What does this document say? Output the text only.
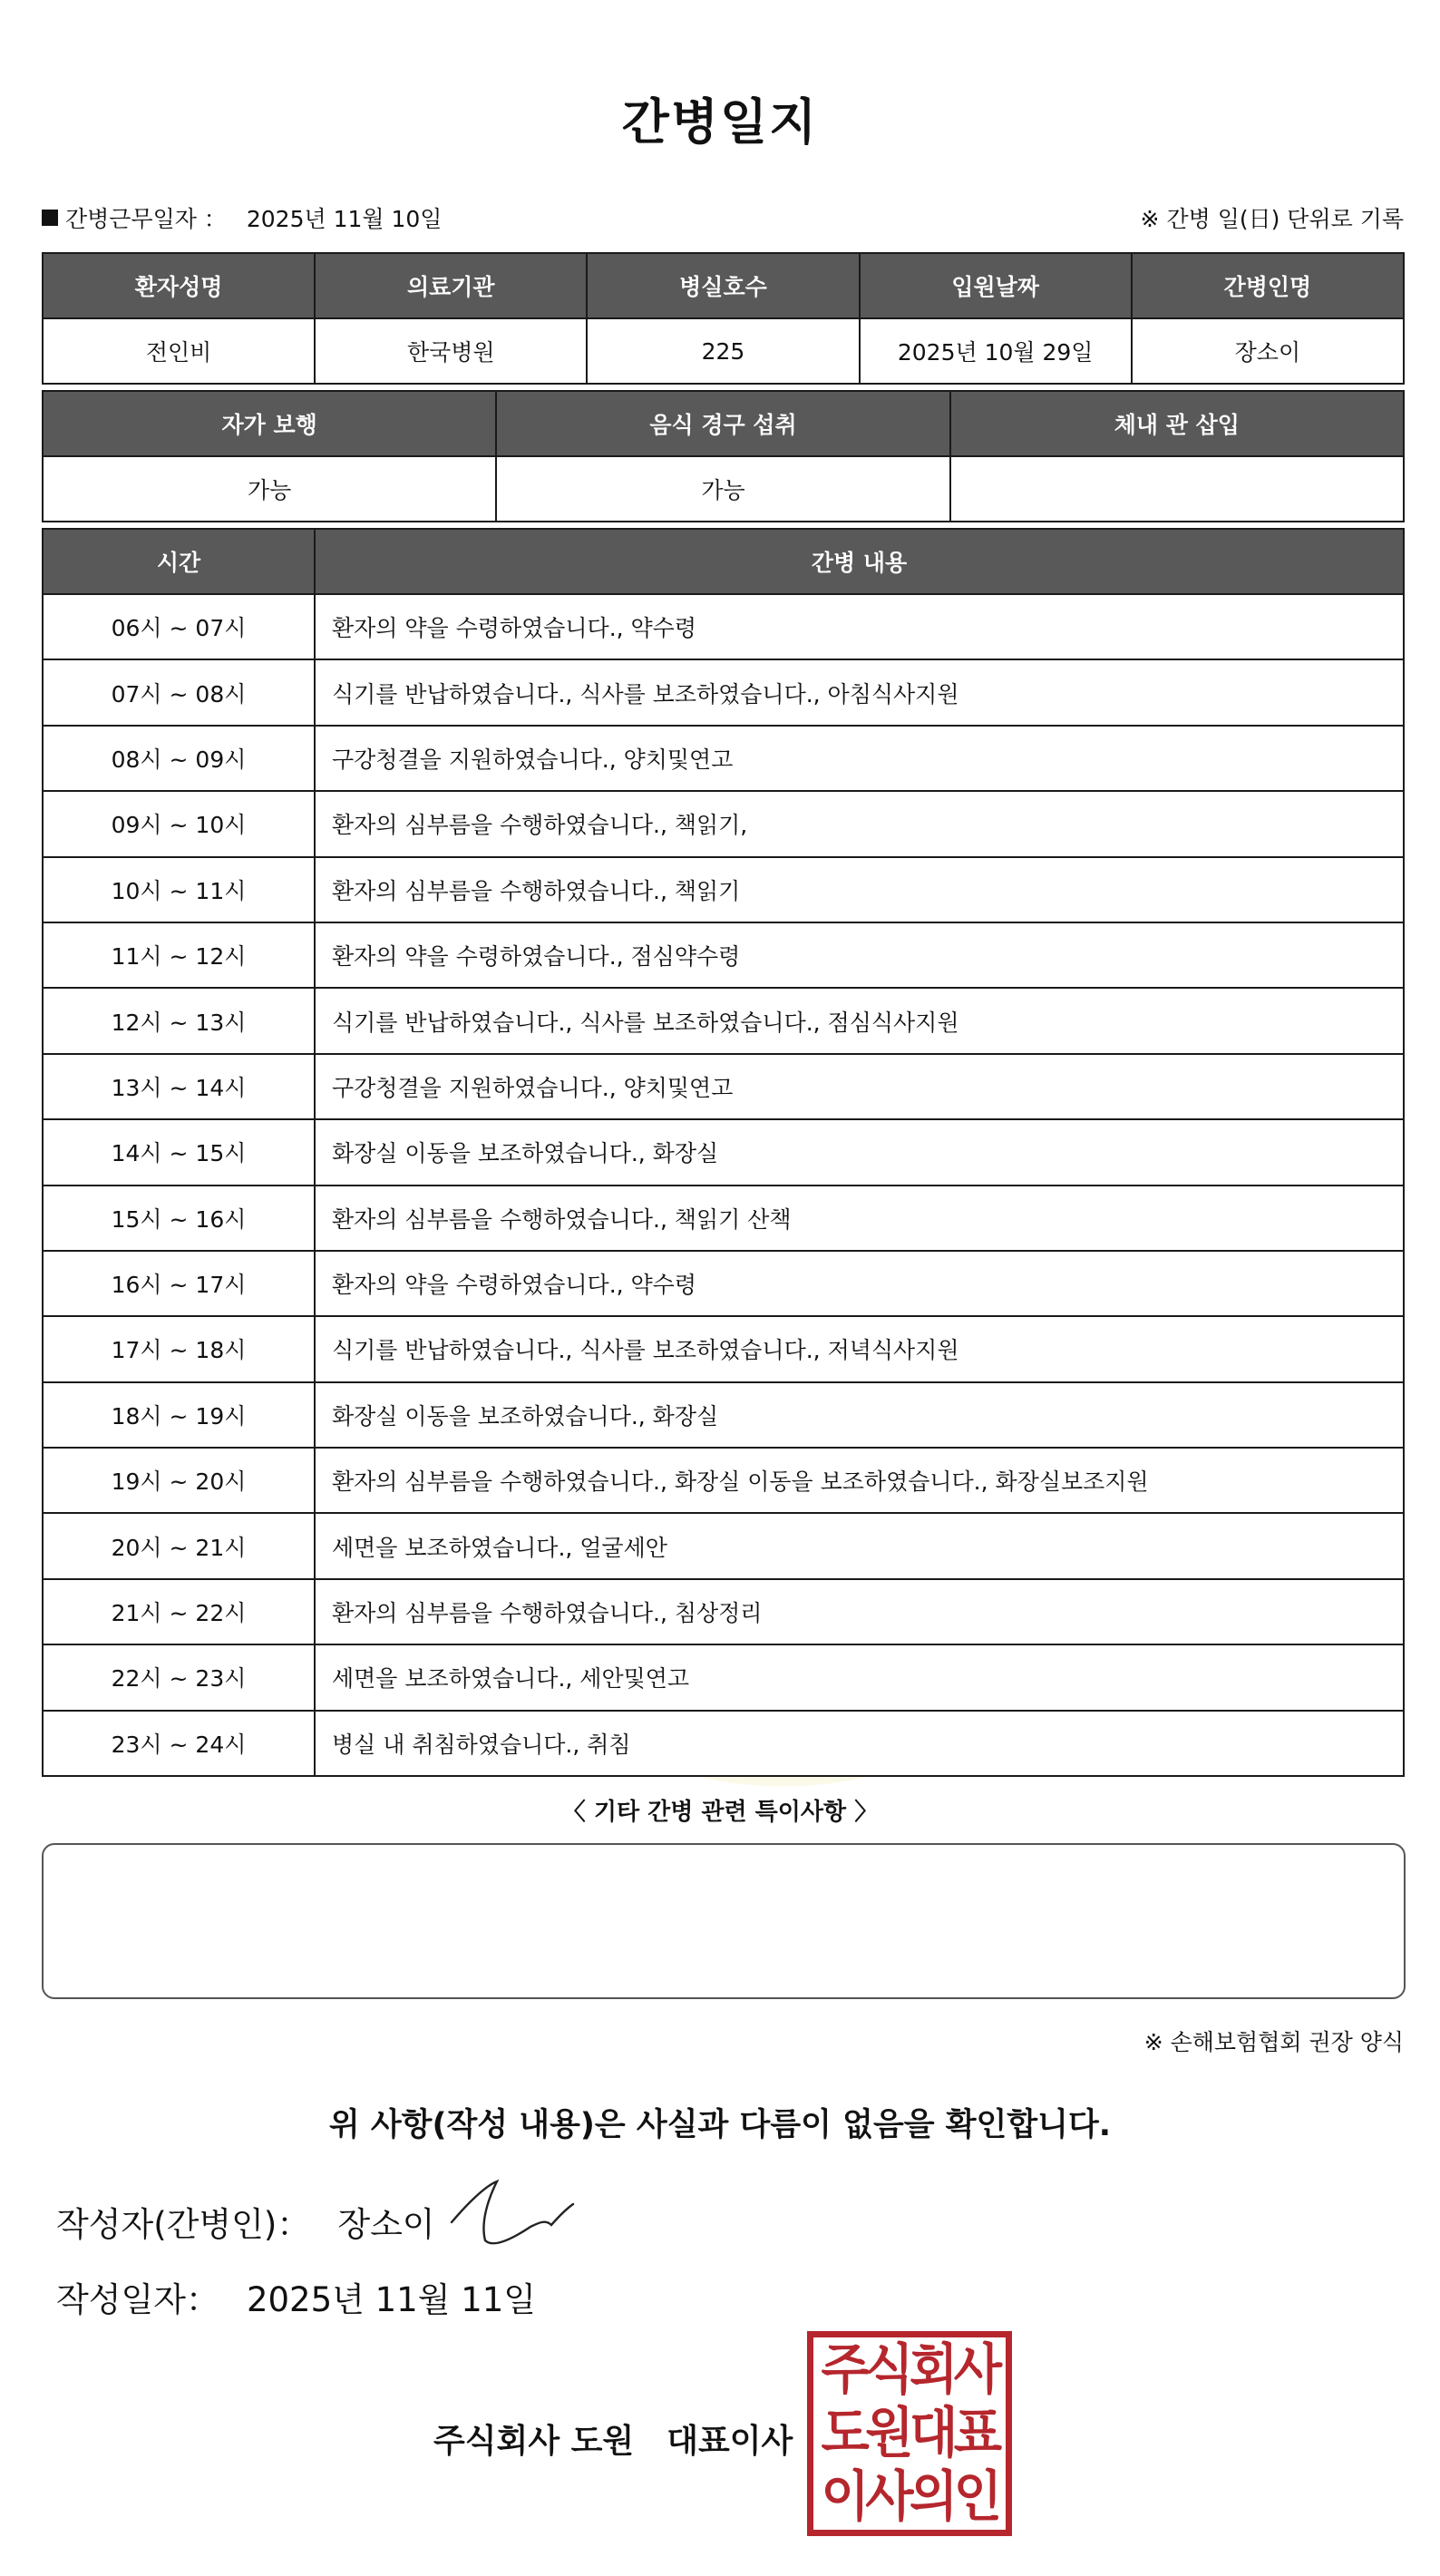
간병일지
간병근무일자 ： 2025년 11월 10일	※ 간병 일(日) 단위로 기록
환자성명	의료기관	병실호수	입원날짜	간병인명
전인비	한국병원	225	2025년 10월 29일	장소이
자가 보행	음식 경구 섭취	체내 관 삽입
가능	가능	
시간	간병 내용
06시 ~ 07시	환자의 약을 수령하였습니다., 약수령
07시 ~ 08시	식기를 반납하였습니다., 식사를 보조하였습니다., 아침식사지원
08시 ~ 09시	구강청결을 지원하였습니다., 양치및연고
09시 ~ 10시	환자의 심부름을 수행하였습니다., 책읽기,
10시 ~ 11시	환자의 심부름을 수행하였습니다., 책읽기
11시 ~ 12시	환자의 약을 수령하였습니다., 점심약수령
12시 ~ 13시	식기를 반납하였습니다., 식사를 보조하였습니다., 점심식사지원
13시 ~ 14시	구강청결을 지원하였습니다., 양치및연고
14시 ~ 15시	화장실 이동을 보조하였습니다., 화장실
15시 ~ 16시	환자의 심부름을 수행하였습니다., 책읽기 산책
16시 ~ 17시	환자의 약을 수령하였습니다., 약수령
17시 ~ 18시	식기를 반납하였습니다., 식사를 보조하였습니다., 저녁식사지원
18시 ~ 19시	화장실 이동을 보조하였습니다., 화장실
19시 ~ 20시	환자의 심부름을 수행하였습니다., 화장실 이동을 보조하였습니다., 화장실보조지원
20시 ~ 21시	세면을 보조하였습니다., 얼굴세안
21시 ~ 22시	환자의 심부름을 수행하였습니다., 침상정리
22시 ~ 23시	세면을 보조하였습니다., 세안및연고
23시 ~ 24시	병실 내 취침하였습니다., 취침
〈 기타 간병 관련 특이사항 〉
※ 손해보험협회 권장 양식
위 사항(작성 내용)은 사실과 다름이 없음을 확인합니다.
작성자(간병인)： 장소이
작성일자： 2025년 11월 11일
주식회사 도원 대표이사
주식회사
도원대표
이사의인
